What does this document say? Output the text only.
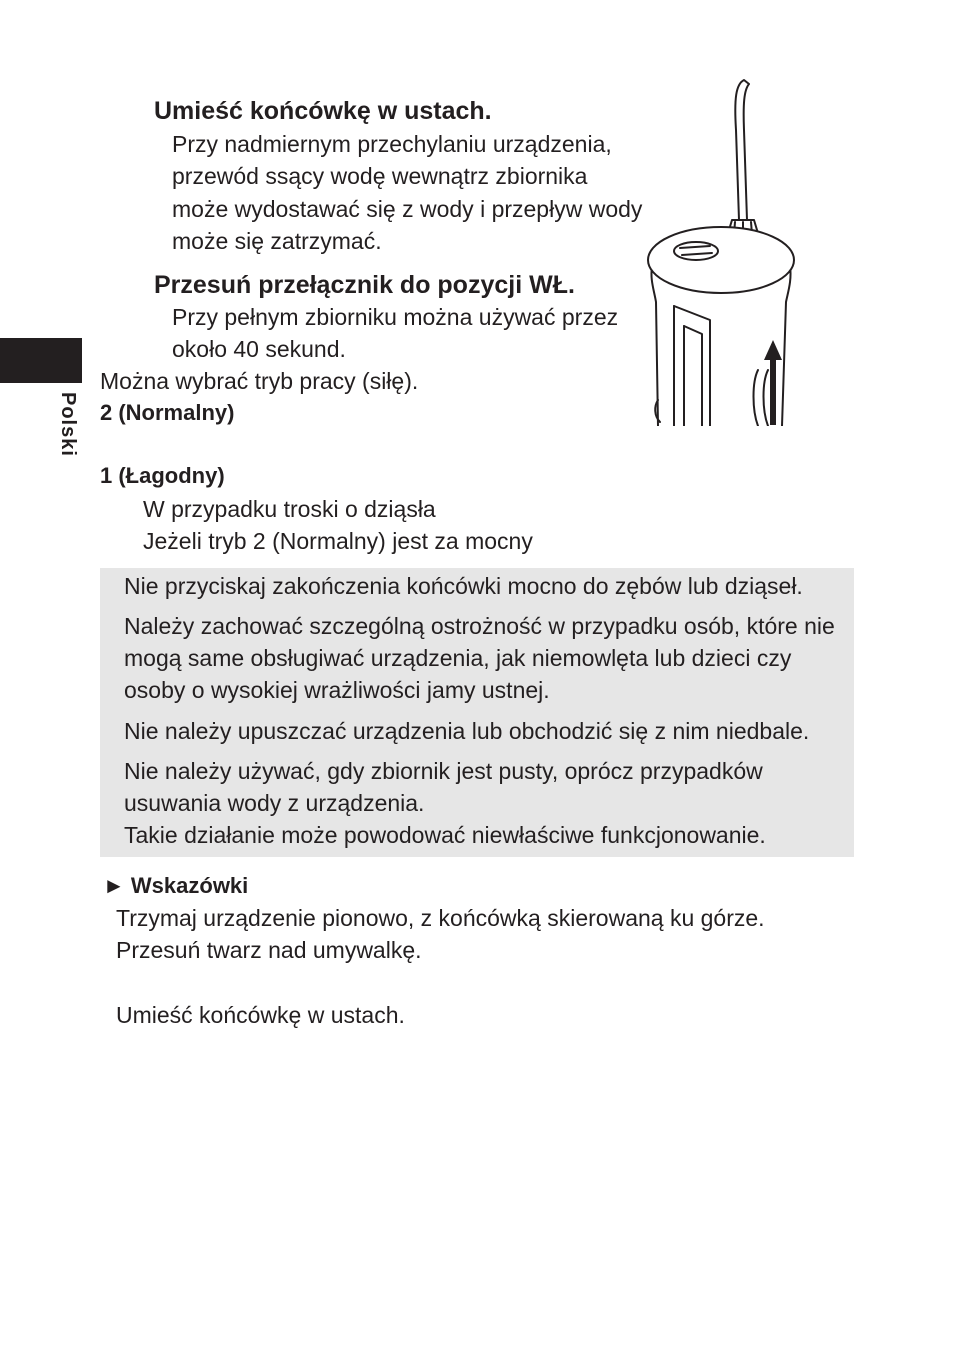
Umieść końcówkę w ustach.
Przy nadmiernym przechylaniu urządzenia,
przewód ssący wodę wewnątrz zbiornika
może wydostawać się z wody i przepływ wody
może się zatrzymać.
Przesuń przełącznik do pozycji WŁ.
Przy pełnym zbiorniku można używać przez
około 40 sekund.
Polski
Można wybrać tryb pracy (siłę).
2 (Normalny)
1 (Łagodny)
W przypadku troski o dziąsła
Jeżeli tryb 2 (Normalny) jest za mocny
Nie przyciskaj zakończenia końcówki mocno do zębów lub dziąseł.
Należy zachować szczególną ostrożność w przypadku osób, które nie
mogą same obsługiwać urządzenia, jak niemowlęta lub dzieci czy
osoby o wysokiej wrażliwości jamy ustnej.
Nie należy upuszczać urządzenia lub obchodzić się z nim niedbale.
Nie należy używać, gdy zbiornik jest pusty, oprócz przypadków
usuwania wody z urządzenia.
Takie działanie może powodować niewłaściwe funkcjonowanie.
► Wskazówki
Trzymaj urządzenie pionowo, z końcówką skierowaną ku górze.
Przesuń twarz nad umywalkę.
Umieść końcówkę w ustach.
